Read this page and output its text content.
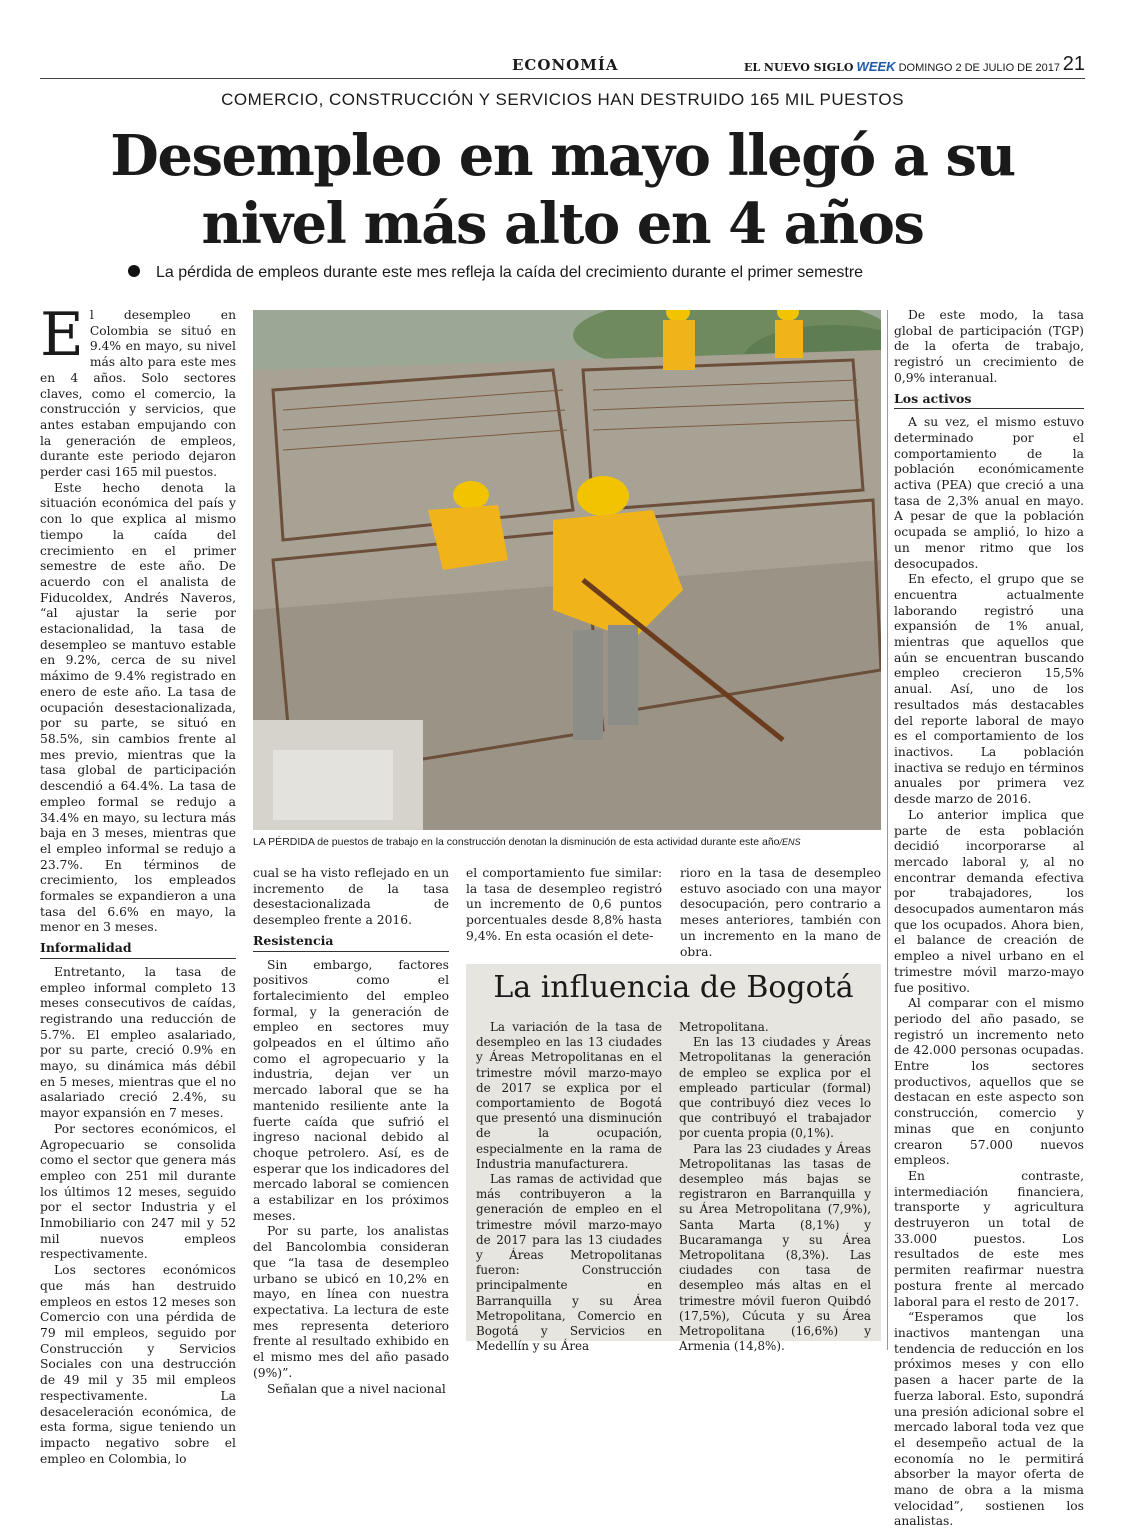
ECONOMÍA	EL NUEVO SIGLO WEEK DOMINGO 2 DE JULIO DE 2017 21
COMERCIO, CONSTRUCCIÓN Y SERVICIOS HAN DESTRUIDO 165 MIL PUESTOS
Desempleo en mayo llegó a su nivel más alto en 4 años
La pérdida de empleos durante este mes refleja la caída del crecimiento durante el primer semestre

El desempleo en Colombia se situó en 9.4% en mayo, su nivel más alto para este mes en 4 años. Solo sectores claves, como el comercio, la construcción y servicios, que antes estaban empujando con la generación de empleos, durante este periodo dejaron perder casi 165 mil puestos.

Este hecho denota la situación económica del país y con lo que explica al mismo tiempo la caída del crecimiento en el primer semestre de este año. De acuerdo con el analista de Fiducoldex, Andrés Naveros, “al ajustar la serie por estacionalidad, la tasa de desempleo se mantuvo estable en 9.2%, cerca de su nivel máximo de 9.4% registrado en enero de este año. La tasa de ocupación desestacionalizada, por su parte, se situó en 58.5%, sin cambios frente al mes previo, mientras que la tasa global de participación descendió a 64.4%. La tasa de empleo formal se redujo a 34.4% en mayo, su lectura más baja en 3 meses, mientras que el empleo informal se redujo a 23.7%. En términos de crecimiento, los empleados formales se expandieron a una tasa del 6.6% en mayo, la menor en 3 meses.

Informalidad

Entretanto, la tasa de empleo informal completo 13 meses consecutivos de caídas, registrando una reducción de 5.7%. El empleo asalariado, por su parte, creció 0.9% en mayo, su dinámica más débil en 5 meses, mientras que el no asalariado creció 2.4%, su mayor expansión en 7 meses.

Por sectores económicos, el Agropecuario se consolida como el sector que genera más empleo con 251 mil durante los últimos 12 meses, seguido por el sector Industria y el Inmobiliario con 247 mil y 52 mil nuevos empleos respectivamente.

Los sectores económicos que más han destruido empleos en estos 12 meses son Comercio con una pérdida de 79 mil empleos, seguido por Construcción y Servicios Sociales con una destrucción de 49 mil y 35 mil empleos respectivamente. La desaceleración económica, de esta forma, sigue teniendo un impacto negativo sobre el empleo en Colombia, lo

LA PÉRDIDA de puestos de trabajo en la construcción denotan la disminución de esta actividad durante este año/ENS

cual se ha visto reflejado en un incremento de la tasa desestacionalizada de desempleo frente a 2016.

Resistencia

Sin embargo, factores positivos como el fortalecimiento del empleo formal, y la generación de empleo en sectores muy golpeados en el último año como el agropecuario y la industria, dejan ver un mercado laboral que se ha mantenido resiliente ante la fuerte caída que sufrió el ingreso nacional debido al choque petrolero. Así, es de esperar que los indicadores del mercado laboral se comiencen a estabilizar en los próximos meses.

Por su parte, los analistas del Bancolombia consideran que “la tasa de desempleo urbano se ubicó en 10,2% en mayo, en línea con nuestra expectativa. La lectura de este mes representa deterioro frente al resultado exhibido en el mismo mes del año pasado (9%)”.

Señalan que a nivel nacional

el comportamiento fue similar: la tasa de desempleo registró un incremento de 0,6 puntos porcentuales desde 8,8% hasta 9,4%. En esta ocasión el dete-

rioro en la tasa de desempleo estuvo asociado con una mayor desocupación, pero contrario a meses anteriores, también con un incremento en la mano de obra.

La influencia de Bogotá

La variación de la tasa de desempleo en las 13 ciudades y Áreas Metropolitanas en el trimestre móvil marzo-mayo de 2017 se explica por el comportamiento de Bogotá que presentó una disminución de la ocupación, especialmente en la rama de Industria manufacturera.

Las ramas de actividad que más contribuyeron a la generación de empleo en el trimestre móvil marzo-mayo de 2017 para las 13 ciudades y Áreas Metropolitanas fueron: Construcción principalmente en Barranquilla y su Área Metropolitana, Comercio en Bogotá y Servicios en Medellín y su Área

Metropolitana.

En las 13 ciudades y Áreas Metropolitanas la generación de empleo se explica por el empleado particular (formal) que contribuyó diez veces lo que contribuyó el trabajador por cuenta propia (0,1%).

Para las 23 ciudades y Áreas Metropolitanas las tasas de desempleo más bajas se registraron en Barranquilla y su Área Metropolitana (7,9%), Santa Marta (8,1%) y Bucaramanga y su Área Metropolitana (8,3%). Las ciudades con tasa de desempleo más altas en el trimestre móvil fueron Quibdó (17,5%), Cúcuta y su Área Metropolitana (16,6%) y Armenia (14,8%).

De este modo, la tasa global de participación (TGP) de la oferta de trabajo, registró un crecimiento de 0,9% interanual.

Los activos

A su vez, el mismo estuvo determinado por el comportamiento de la población económicamente activa (PEA) que creció a una tasa de 2,3% anual en mayo. A pesar de que la población ocupada se amplió, lo hizo a un menor ritmo que los desocupados.

En efecto, el grupo que se encuentra actualmente laborando registró una expansión de 1% anual, mientras que aquellos que aún se encuentran buscando empleo crecieron 15,5% anual. Así, uno de los resultados más destacables del reporte laboral de mayo es el comportamiento de los inactivos. La población inactiva se redujo en términos anuales por primera vez desde marzo de 2016.

Lo anterior implica que parte de esta población decidió incorporarse al mercado laboral y, al no encontrar demanda efectiva por trabajadores, los desocupados aumentaron más que los ocupados. Ahora bien, el balance de creación de empleo a nivel urbano en el trimestre móvil marzo-mayo fue positivo.

Al comparar con el mismo periodo del año pasado, se registró un incremento neto de 42.000 personas ocupadas. Entre los sectores productivos, aquellos que se destacan en este aspecto son construcción, comercio y minas que en conjunto crearon 57.000 nuevos empleos.

En contraste, intermediación financiera, transporte y agricultura destruyeron un total de 33.000 puestos. Los resultados de este mes permiten reafirmar nuestra postura frente al mercado laboral para el resto de 2017.

“Esperamos que los inactivos mantengan una tendencia de reducción en los próximos meses y con ello pasen a hacer parte de la fuerza laboral. Esto, supondrá una presión adicional sobre el mercado laboral toda vez que el desempeño actual de la economía no le permitirá absorber la mayor oferta de mano de obra a la misma velocidad”, sostienen los analistas.
